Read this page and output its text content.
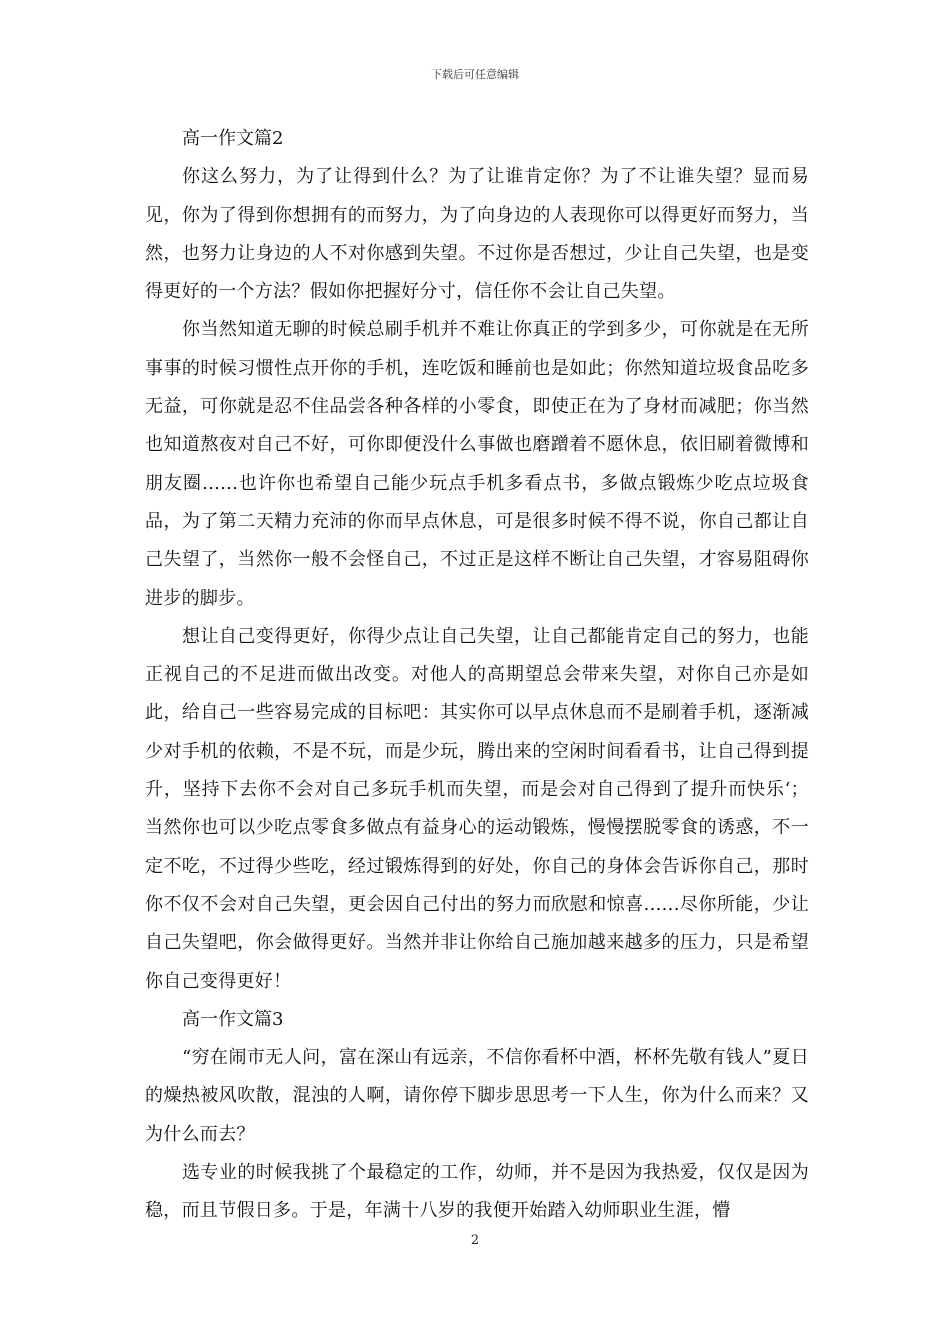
下载后可任意编辑

高一作文篇2

你这么努力，为了让得到什么？为了让谁肯定你？为了不让谁失望？显而易见，你为了得到你想拥有的而努力，为了向身边的人表现你可以得更好而努力，当然，也努力让身边的人不对你感到失望。不过你是否想过，少让自己失望，也是变得更好的一个方法？假如你把握好分寸，信任你不会让自己失望。

你当然知道无聊的时候总刷手机并不难让你真正的学到多少，可你就是在无所事事的时候习惯性点开你的手机，连吃饭和睡前也是如此；你然知道垃圾食品吃多无益，可你就是忍不住品尝各种各样的小零食，即使正在为了身材而减肥；你当然也知道熬夜对自己不好，可你即便没什么事做也磨蹭着不愿休息，依旧刷着微博和朋友圈......也许你也希望自己能少玩点手机多看点书，多做点锻炼少吃点垃圾食品，为了第二天精力充沛的你而早点休息，可是很多时候不得不说，你自己都让自己失望了，当然你一般不会怪自己，不过正是这样不断让自己失望，才容易阻碍你进步的脚步。

想让自己变得更好，你得少点让自己失望，让自己都能肯定自己的努力，也能正视自己的不足进而做出改变。对他人的高期望总会带来失望，对你自己亦是如此，给自己一些容易完成的目标吧：其实你可以早点休息而不是刷着手机，逐渐减少对手机的依赖，不是不玩，而是少玩，腾出来的空闲时间看看书，让自己得到提升，坚持下去你不会对自己多玩手机而失望，而是会对自己得到了提升而快乐‘；当然你也可以少吃点零食多做点有益身心的运动锻炼，慢慢摆脱零食的诱惑，不一定不吃，不过得少些吃，经过锻炼得到的好处，你自己的身体会告诉你自己，那时你不仅不会对自己失望，更会因自己付出的努力而欣慰和惊喜......尽你所能，少让自己失望吧，你会做得更好。当然并非让你给自己施加越来越多的压力，只是希望你自己变得更好！

高一作文篇3

“穷在闹市无人问，富在深山有远亲，不信你看杯中酒，杯杯先敬有钱人”夏日的燥热被风吹散，混浊的人啊，请你停下脚步思思考一下人生，你为什么而来？又为什么而去？

选专业的时候我挑了个最稳定的工作，幼师，并不是因为我热爱，仅仅是因为稳，而且节假日多。于是，年满十八岁的我便开始踏入幼师职业生涯，懵

2
